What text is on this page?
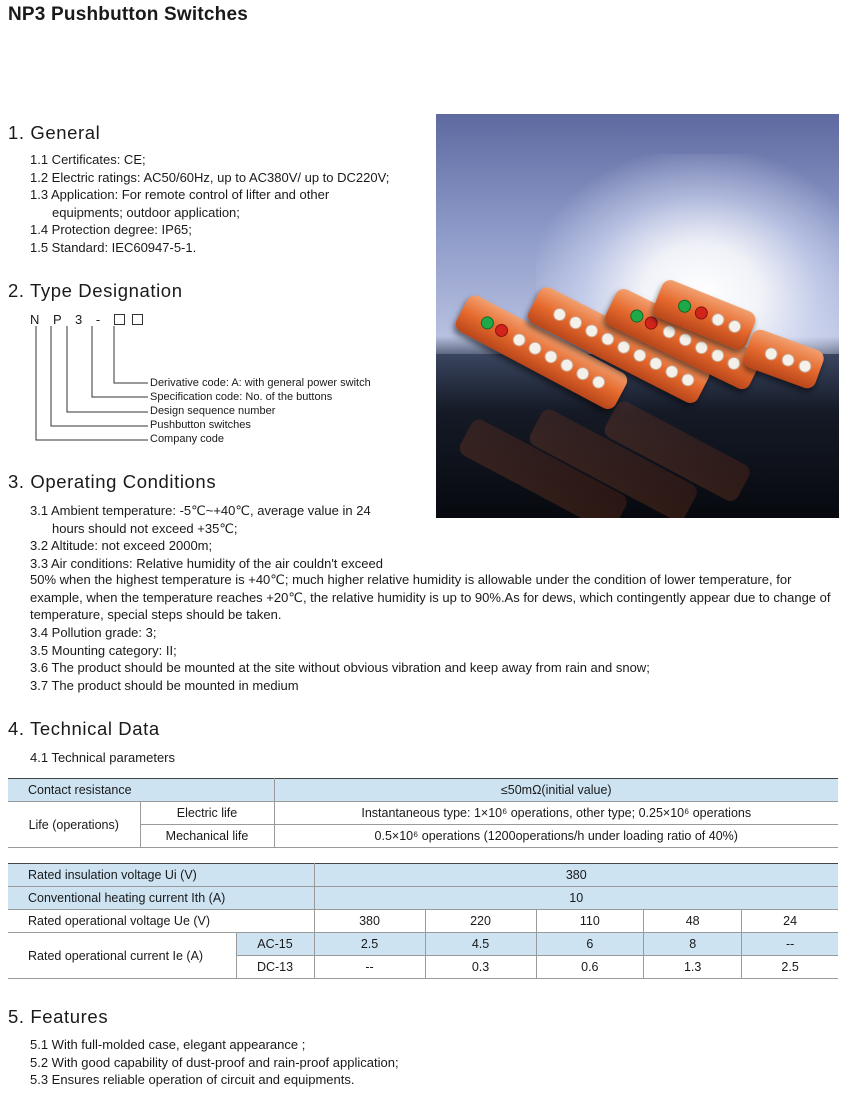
NP3 Pushbutton Switches
1. General
1.1 Certificates: CE;
1.2 Electric ratings: AC50/60Hz, up to AC380V/ up to DC220V;
1.3 Application: For remote control of lifter and other
equipments; outdoor application;
1.4 Protection degree: IP65;
1.5 Standard: IEC60947-5-1.
2. Type Designation
N P 3 -
Derivative code: A: with general power switch
Specification code: No. of the buttons
Design sequence number
Pushbutton switches
Company code
3. Operating Conditions
3.1 Ambient temperature: -5℃~+40℃, average value in 24
hours should not exceed +35℃;
3.2 Altitude: not exceed 2000m;
3.3 Air conditions: Relative humidity of the air couldn't exceed
50% when the highest temperature is +40℃; much higher relative humidity is allowable under the condition of lower temperature, for example, when the temperature reaches +20℃, the relative humidity is up to 90%.As for dews, which contingently appear due to change of temperature, special steps should be taken.
3.4 Pollution grade: 3;
3.5 Mounting category: II;
3.6 The product should be mounted at the site without obvious vibration and keep away from rain and snow;
3.7 The product should be mounted in medium
4. Technical Data
4.1 Technical parameters
Contact resistance		≤50mΩ(initial value)
Life (operations)	Electric life	Instantaneous type: 1×10⁶ operations, other type; 0.25×10⁶ operations
	Mechanical life	0.5×10⁶ operations (1200operations/h under loading ratio of 40%)
Rated insulation voltage Ui (V)		380				
Conventional heating current Ith (A)		10				
Rated operational voltage Ue (V)		380	220	110	48	24
Rated operational current Ie (A)	AC-15	2.5	4.5	6	8	--
	DC-13	--	0.3	0.6	1.3	2.5
5. Features
5.1 With full-molded case, elegant appearance ;
5.2 With good capability of dust-proof and rain-proof application;
5.3 Ensures reliable operation of circuit and equipments.
